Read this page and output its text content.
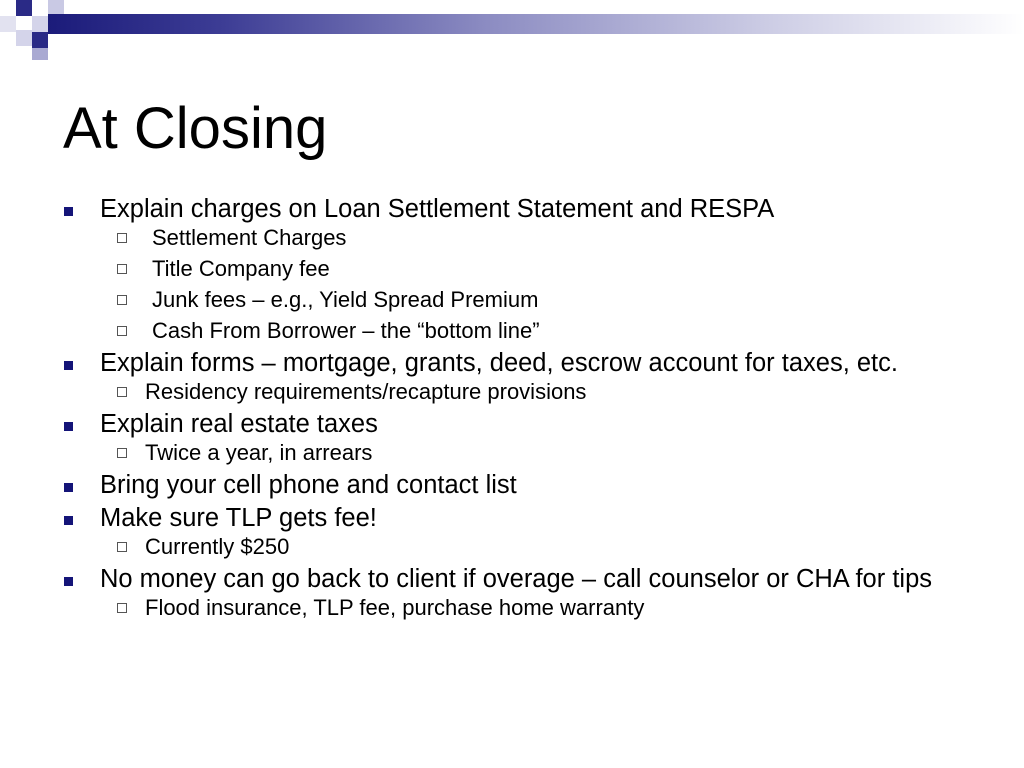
At Closing
Explain charges on Loan Settlement Statement and RESPA
Settlement Charges
Title Company fee
Junk fees – e.g., Yield Spread Premium
Cash From Borrower – the “bottom line”
Explain forms – mortgage, grants, deed, escrow account for taxes, etc.
Residency requirements/recapture provisions
Explain real estate taxes
Twice a year, in arrears
Bring your cell phone and contact list
Make sure TLP gets fee!
Currently $250
No money can go back to client if overage – call counselor or CHA for tips
Flood insurance, TLP fee, purchase home warranty
